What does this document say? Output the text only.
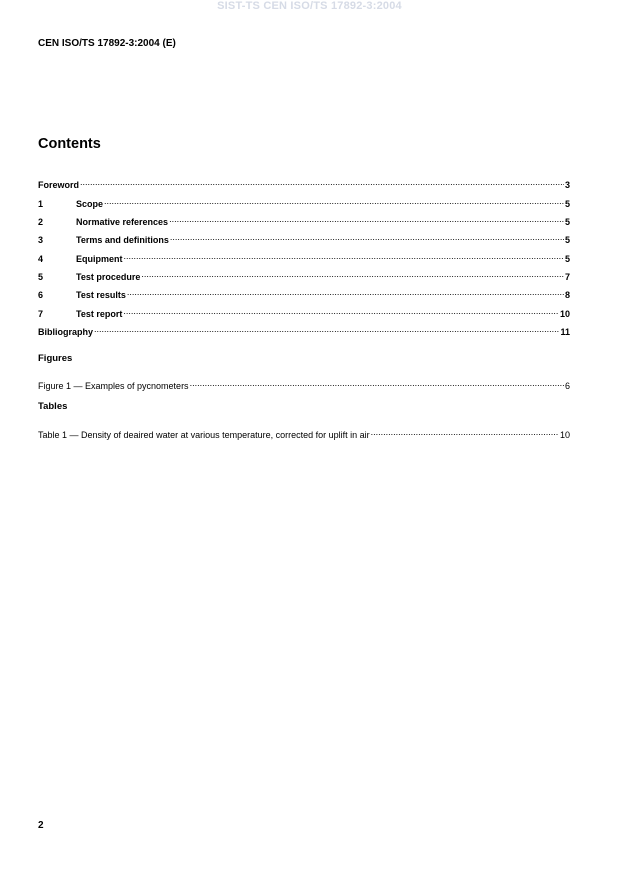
SIST-TS CEN ISO/TS 17892-3:2004
CEN ISO/TS 17892-3:2004 (E)
Contents
Foreword .....	3
1	Scope .....	5
2	Normative references .....	5
3	Terms and definitions .....	5
4	Equipment .....	5
5	Test procedure .....	7
6	Test results .....	8
7	Test report .....	10
Bibliography .....	11
Figures
Figure 1 — Examples of pycnometers .....	6
Tables
Table 1 — Density of deaired water at various temperature, corrected for uplift in air .....	10
2
